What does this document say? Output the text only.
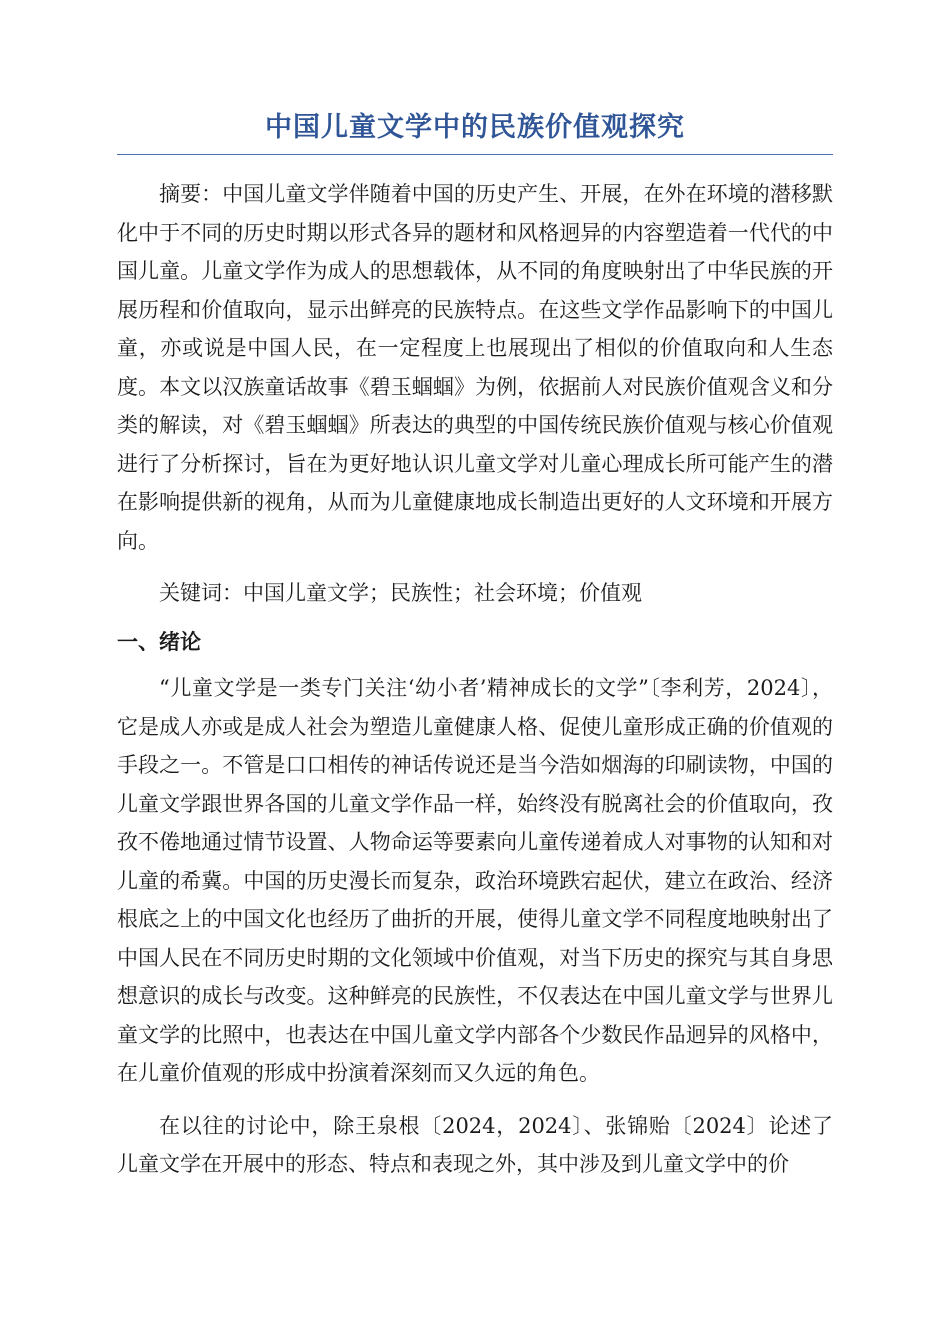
中国儿童文学中的民族价值观探究

摘要：中国儿童文学伴随着中国的历史产生、开展，在外在环境的潜移默化中于不同的历史时期以形式各异的题材和风格迥异的内容塑造着一代代的中国儿童。儿童文学作为成人的思想载体，从不同的角度映射出了中华民族的开展历程和价值取向，显示出鲜亮的民族特点。在这些文学作品影响下的中国儿童，亦或说是中国人民，在一定程度上也展现出了相似的价值取向和人生态度。本文以汉族童话故事《碧玉蝈蝈》为例，依据前人对民族价值观含义和分类的解读，对《碧玉蝈蝈》所表达的典型的中国传统民族价值观与核心价值观进行了分析探讨，旨在为更好地认识儿童文学对儿童心理成长所可能产生的潜在影响提供新的视角，从而为儿童健康地成长制造出更好的人文环境和开展方向。

关键词：中国儿童文学；民族性；社会环境；价值观

一、绪论

“儿童文学是一类专门关注‘幼小者’精神成长的文学”〔李利芳，2024〕，它是成人亦或是成人社会为塑造儿童健康人格、促使儿童形成正确的价值观的手段之一。不管是口口相传的神话传说还是当今浩如烟海的印刷读物，中国的儿童文学跟世界各国的儿童文学作品一样，始终没有脱离社会的价值取向，孜孜不倦地通过情节设置、人物命运等要素向儿童传递着成人对事物的认知和对儿童的希冀。中国的历史漫长而复杂，政治环境跌宕起伏，建立在政治、经济根底之上的中国文化也经历了曲折的开展，使得儿童文学不同程度地映射出了中国人民在不同历史时期的文化领域中价值观，对当下历史的探究与其自身思想意识的成长与改变。这种鲜亮的民族性，不仅表达在中国儿童文学与世界儿童文学的比照中，也表达在中国儿童文学内部各个少数民作品迥异的风格中，在儿童价值观的形成中扮演着深刻而又久远的角色。

在以往的讨论中，除王泉根〔2024，2024〕、张锦贻〔2024〕论述了儿童文学在开展中的形态、特点和表现之外，其中涉及到儿童文学中的价
